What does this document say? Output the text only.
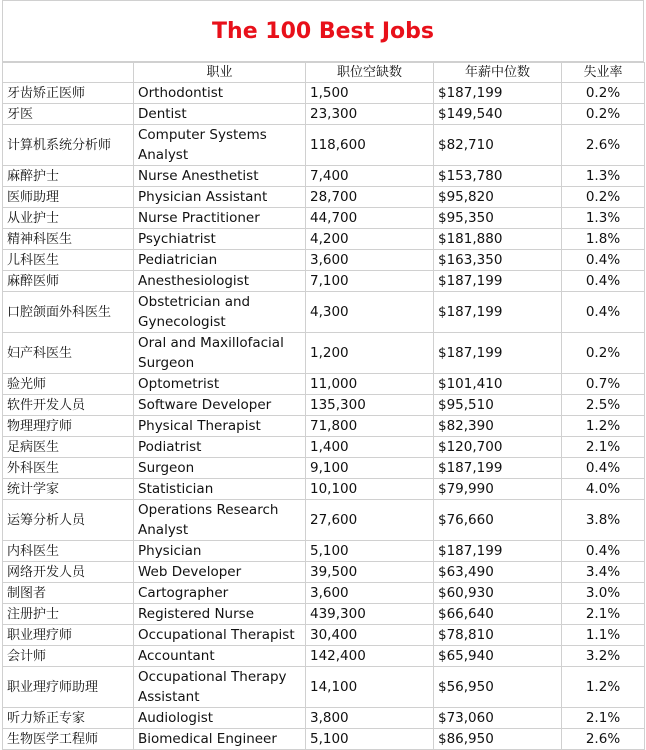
The 100 Best Jobs
	职业	职位空缺数	年薪中位数	失业率
牙齿矫正医师	Orthodontist	1,500	$187,199	0.2%
牙医	Dentist	23,300	$149,540	0.2%
计算机系统分析师	Computer Systems Analyst	118,600	$82,710	2.6%
麻醉护士	Nurse Anesthetist	7,400	$153,780	1.3%
医师助理	Physician Assistant	28,700	$95,820	0.2%
从业护士	Nurse Practitioner	44,700	$95,350	1.3%
精神科医生	Psychiatrist	4,200	$181,880	1.8%
儿科医生	Pediatrician	3,600	$163,350	0.4%
麻醉医师	Anesthesiologist	7,100	$187,199	0.4%
口腔颌面外科医生	Obstetrician and Gynecologist	4,300	$187,199	0.4%
妇产科医生	Oral and Maxillofacial Surgeon	1,200	$187,199	0.2%
验光师	Optometrist	11,000	$101,410	0.7%
软件开发人员	Software Developer	135,300	$95,510	2.5%
物理理疗师	Physical Therapist	71,800	$82,390	1.2%
足病医生	Podiatrist	1,400	$120,700	2.1%
外科医生	Surgeon	9,100	$187,199	0.4%
统计学家	Statistician	10,100	$79,990	4.0%
运筹分析人员	Operations Research Analyst	27,600	$76,660	3.8%
内科医生	Physician	5,100	$187,199	0.4%
网络开发人员	Web Developer	39,500	$63,490	3.4%
制图者	Cartographer	3,600	$60,930	3.0%
注册护士	Registered Nurse	439,300	$66,640	2.1%
职业理疗师	Occupational Therapist	30,400	$78,810	1.1%
会计师	Accountant	142,400	$65,940	3.2%
职业理疗师助理	Occupational Therapy Assistant	14,100	$56,950	1.2%
听力矫正专家	Audiologist	3,800	$73,060	2.1%
生物医学工程师	Biomedical Engineer	5,100	$86,950	2.6%
